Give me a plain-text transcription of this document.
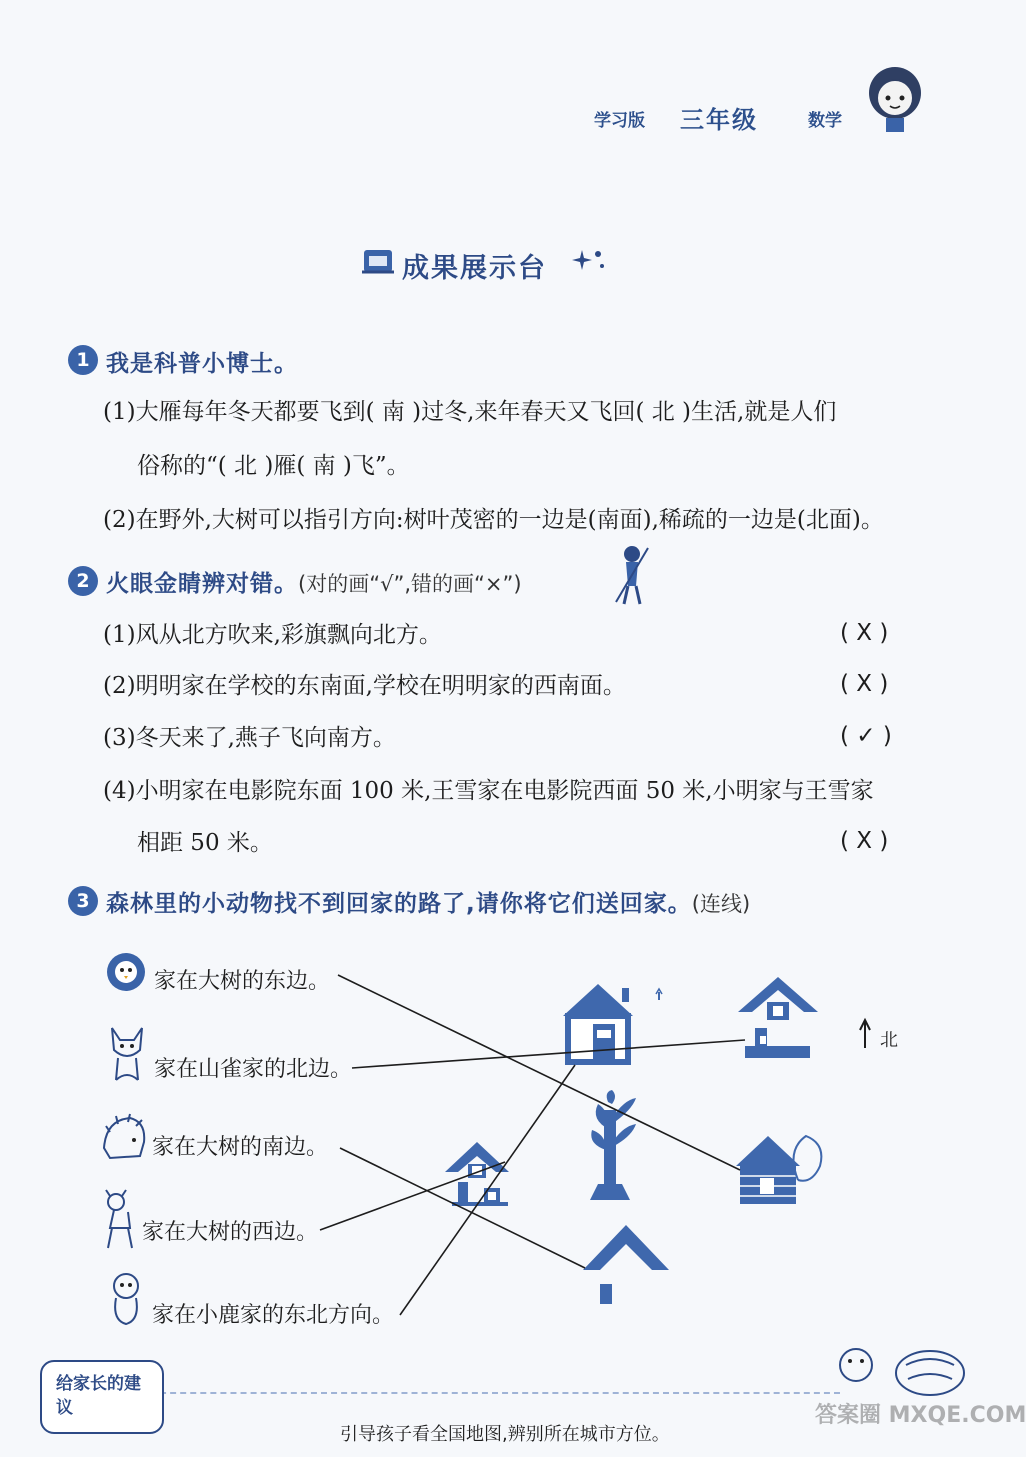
学习版 三年级	数学
成果展示台
1 我是科普小博士。
(1)大雁每年冬天都要飞到( 南 )过冬,来年春天又飞回( 北 )生活,就是人们
俗称的“( 北 )雁( 南 )飞”。
(2)在野外,大树可以指引方向:树叶茂密的一边是(南面),稀疏的一边是(北面)。
2 火眼金睛辨对错。(对的画“√”,错的画“×”)
(1)风从北方吹来,彩旗飘向北方。	( X )
(2)明明家在学校的东南面,学校在明明家的西南面。	( X )
(3)冬天来了,燕子飞向南方。	( ✓ )
(4)小明家在电影院东面 100 米,王雪家在电影院西面 50 米,小明家与王雪家
相距 50 米。	( X )
3 森林里的小动物找不到回家的路了,请你将它们送回家。(连线)
家在大树的东边。
家在山雀家的北边。
家在大树的南边。
家在大树的西边。
家在小鹿家的东北方向。
北
给家长的建议
引导孩子看全国地图,辨别所在城市方位。
答案圈 MXQE.COM
